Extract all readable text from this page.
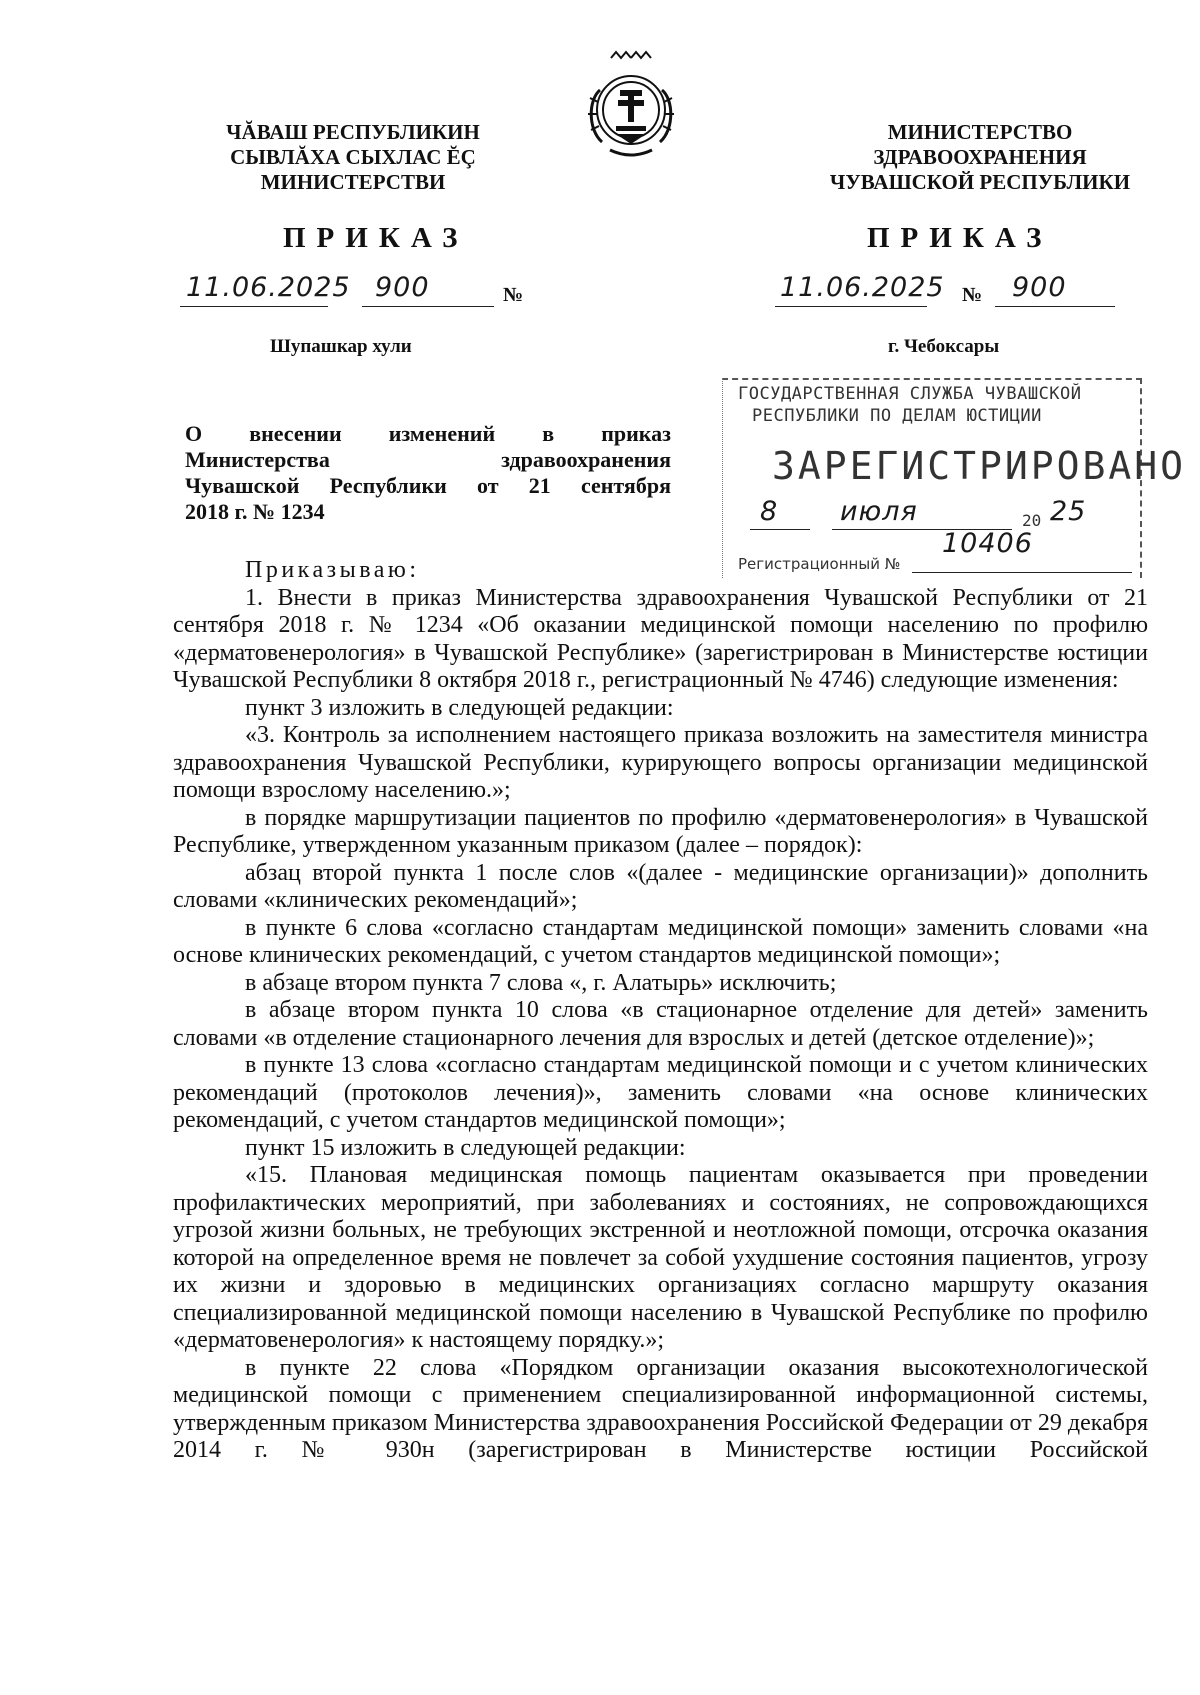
ЧĂВАШ РЕСПУБЛИКИН
СЫВЛĂХА СЫХЛАС ĔÇ
МИНИСТЕРСТВИ
МИНИСТЕРСТВО
ЗДРАВООХРАНЕНИЯ
ЧУВАШСКОЙ РЕСПУБЛИКИ
ПРИКАЗ	ПРИКАЗ
11.06.2025 900	№	11.06.2025 № 900
Шупашкар хули	г. Чебоксары
О внесении изменений в приказ
Министерства	здравоохранения
Чувашской Республики от 21 сентября
2018 г. № 1234
ГОСУДАРСТВЕННАЯ СЛУЖБА ЧУВАШСКОЙ
РЕСПУБЛИКИ ПО ДЕЛАМ ЮСТИЦИИ
ЗАРЕГИСТРИРОВАНО
8 июля	20 25
Регистрационный №
10406
Приказываю:

1. Внести в приказ Министерства здравоохранения Чувашской Республики от 21 сентября 2018 г. № 1234 «Об оказании медицинской помощи населению по профилю «дерматовенерология» в Чувашской Республике» (зарегистрирован в Министерстве юстиции Чувашской Республики 8 октября 2018 г., регистрационный № 4746) следующие изменения:

пункт 3 изложить в следующей редакции:

«3. Контроль за исполнением настоящего приказа возложить на заместителя министра здравоохранения Чувашской Республики, курирующего вопросы организации медицинской помощи взрослому населению.»;

в порядке маршрутизации пациентов по профилю «дерматовенерология» в Чувашской Республике, утвержденном указанным приказом (далее – порядок):

абзац второй пункта 1 после слов «(далее - медицинские организации)» дополнить словами «клинических рекомендаций»;

в пункте 6 слова «согласно стандартам медицинской помощи» заменить словами «на основе клинических рекомендаций, с учетом стандартов медицинской помощи»;

в абзаце втором пункта 7 слова «, г. Алатырь» исключить;

в абзаце втором пункта 10 слова «в стационарное отделение для детей» заменить словами «в отделение стационарного лечения для взрослых и детей (детское отделение)»;

в пункте 13 слова «согласно стандартам медицинской помощи и с учетом клинических рекомендаций (протоколов лечения)», заменить словами «на основе клинических рекомендаций, с учетом стандартов медицинской помощи»;

пункт 15 изложить в следующей редакции:

«15. Плановая медицинская помощь пациентам оказывается при проведении профилактических мероприятий, при заболеваниях и состояниях, не сопровождающихся угрозой жизни больных, не требующих экстренной и неотложной помощи, отсрочка оказания которой на определенное время не повлечет за собой ухудшение состояния пациентов, угрозу их жизни и здоровью в медицинских организациях согласно маршруту оказания специализированной медицинской помощи населению в Чувашской Республике по профилю «дерматовенерология» к настоящему порядку.»;

в пункте 22 слова «Порядком организации оказания высокотехнологической медицинской помощи с применением специализированной информационной системы, утвержденным приказом Министерства здравоохранения Российской Федерации от 29 декабря 2014 г. № 930н (зарегистрирован в Министерстве юстиции Российской
